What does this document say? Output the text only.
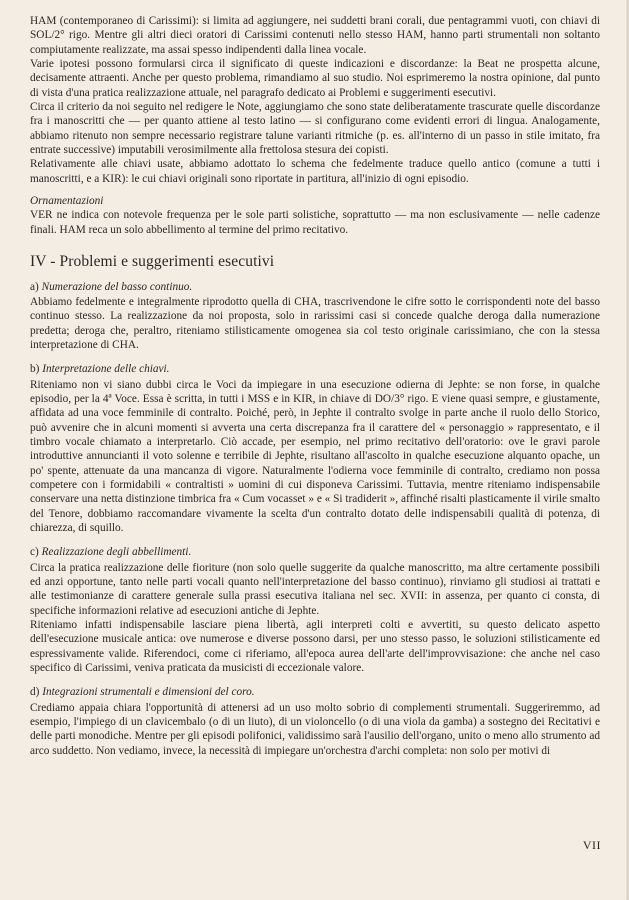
HAM (contemporaneo di Carissimi): si limita ad aggiungere, nei suddetti brani corali, due pentagrammi vuoti, con chiavi di SOL/2° rigo. Mentre gli altri dieci oratori di Carissimi contenuti nello stesso HAM, hanno parti strumentali non soltanto compiutamente realizzate, ma assai spesso indipendenti dalla linea vocale.

Varie ipotesi possono formularsi circa il significato di queste indicazioni e discordanze: la Beat ne prospetta alcune, decisamente attraenti. Anche per questo problema, rimandiamo al suo studio. Noi esprimeremo la nostra opinione, dal punto di vista d'una pratica realizzazione attuale, nel paragrafo dedicato ai Problemi e suggerimenti esecutivi.

Circa il criterio da noi seguito nel redigere le Note, aggiungiamo che sono state deliberatamente trascurate quelle discordanze fra i manoscritti che — per quanto attiene al testo latino — si configurano come evidenti errori di lingua. Analogamente, abbiamo ritenuto non sempre necessario registrare talune varianti ritmiche (p. es. all'interno di un passo in stile imitato, fra entrate successive) imputabili verosimilmente alla frettolosa stesura dei copisti.

Relativamente alle chiavi usate, abbiamo adottato lo schema che fedelmente traduce quello antico (comune a tutti i manoscritti, e a KIR): le cui chiavi originali sono riportate in partitura, all'inizio di ogni episodio.

Ornamentazioni

VER ne indica con notevole frequenza per le sole parti solistiche, soprattutto — ma non esclusivamente — nelle cadenze finali. HAM reca un solo abbellimento al termine del primo recitativo.

IV - Problemi e suggerimenti esecutivi

a) Numerazione del basso continuo.

Abbiamo fedelmente e integralmente riprodotto quella di CHA, trascrivendone le cifre sotto le corrispondenti note del basso continuo stesso. La realizzazione da noi proposta, solo in rarissimi casi si concede qualche deroga dalla numerazione predetta; deroga che, peraltro, riteniamo stilisticamente omogenea sia col testo originale carissimiano, che con la stessa interpretazione di CHA.

b) Interpretazione delle chiavi.

Riteniamo non vi siano dubbi circa le Voci da impiegare in una esecuzione odierna di Jephte: se non forse, in qualche episodio, per la 4ª Voce. Essa è scritta, in tutti i MSS e in KIR, in chiave di DO/3° rigo. E viene quasi sempre, e giustamente, affidata ad una voce femminile di contralto. Poiché, però, in Jephte il contralto svolge in parte anche il ruolo dello Storico, può avvenire che in alcuni momenti si avverta una certa discrepanza fra il carattere del « personaggio » rappresentato, e il timbro vocale chiamato a interpretarlo. Ciò accade, per esempio, nel primo recitativo dell'oratorio: ove le gravi parole introduttive annuncianti il voto solenne e terribile di Jephte, risultano all'ascolto in qualche esecuzione alquanto opache, un po' spente, attenuate da una mancanza di vigore. Naturalmente l'odierna voce femminile di contralto, crediamo non possa competere con i formidabili « contraltisti » uomini di cui disponeva Carissimi. Tuttavia, mentre riteniamo indispensabile conservare una netta distinzione timbrica fra « Cum vocasset » e « Si tradiderit », affinché risalti plasticamente il virile smalto del Tenore, dobbiamo raccomandare vivamente la scelta d'un contralto dotato delle indispensabili qualità di potenza, di chiarezza, di squillo.

c) Realizzazione degli abbellimenti.

Circa la pratica realizzazione delle fioriture (non solo quelle suggerite da qualche manoscritto, ma altre certamente possibili ed anzi opportune, tanto nelle parti vocali quanto nell'interpretazione del basso continuo), rinviamo gli studiosi ai trattati e alle testimonianze di carattere generale sulla prassi esecutiva italiana nel sec. XVII: in assenza, per quanto ci consta, di specifiche informazioni relative ad esecuzioni antiche di Jephte.

Riteniamo infatti indispensabile lasciare piena libertà, agli interpreti colti e avvertiti, su questo delicato aspetto dell'esecuzione musicale antica: ove numerose e diverse possono darsi, per uno stesso passo, le soluzioni stilisticamente ed espressivamente valide. Riferendoci, come ci riferiamo, all'epoca aurea dell'arte dell'improvvisazione: che anche nel caso specifico di Carissimi, veniva praticata da musicisti di eccezionale valore.

d) Integrazioni strumentali e dimensioni del coro.

Crediamo appaia chiara l'opportunità di attenersi ad un uso molto sobrio di complementi strumentali. Suggeriremmo, ad esempio, l'impiego di un clavicembalo (o di un liuto), di un violoncello (o di una viola da gamba) a sostegno dei Recitativi e delle parti monodiche. Mentre per gli episodi polifonici, validissimo sarà l'ausilio dell'organo, unito o meno allo strumento ad arco suddetto. Non vediamo, invece, la necessità di impiegare un'orchestra d'archi completa: non solo per motivi di

VII
